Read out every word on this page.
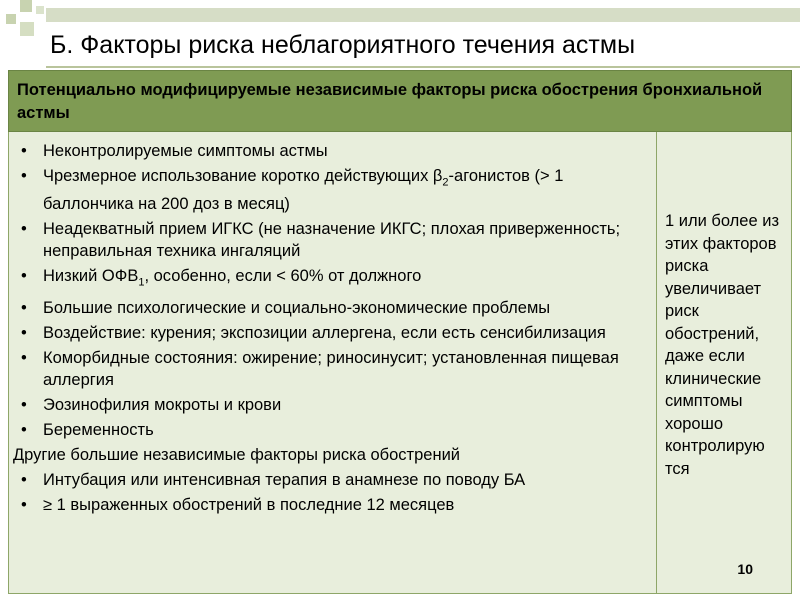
Б. Факторы риска неблагориятного течения астмы
Потенциально модифицируемые независимые факторы риска обострения бронхиальной астмы
• Неконтролируемые симптомы астмы
• Чрезмерное использование коротко действующих $\beta_2$-агонистов (> 1 баллончика на 200 доз в месяц)
• Неадекватный прием ИГКС (не назначение ИКГС; плохая приверженность; неправильная техника ингаляций
• Низкий $ОФВ_1$, особенно, если < 60% от должного
• Большие психологические и социально-экономические проблемы
• Воздействие: курения; экспозиции аллергена, если есть сенсибилизация
• Коморбидные состояния: ожирение; риносинусит; установленная пищевая аллергия
• Эозинофилия мокроты и крови
• Беременность
Другие большие независимые факторы риска обострений
• Интубация или интенсивная терапия в анамнезе по поводу БА
• ≥ 1 выраженных обострений в последние 12 месяцев
1 или более из этих факторов риска увеличивает риск обострений, даже если клинические симптомы хорошо контролирую тся
10
